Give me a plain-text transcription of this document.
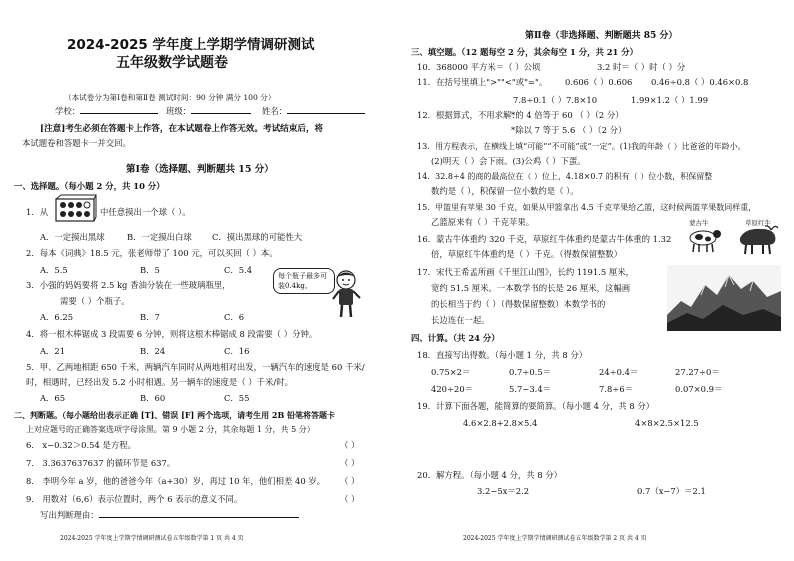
2024-2025 学年度上学期学情调研测试
五年级数学试题卷
（本试卷分为第Ⅰ卷和第Ⅱ卷 测试时间：90 分钟 满分 100 分）
学校：	班级：	姓名：
[注意]考生必须在答题卡上作答，在本试题卷上作答无效。考试结束后，将
本试题卷和答题卡一并交回。
第Ⅰ卷（选择题、判断题共 15 分）
一、选择题。（每小题 2 分，共 10 分）
1．从	中任意摸出一个球（ ）。
A．一定摸出黑球	B．一定摸出白球 C．摸出黑球的可能性大
2．每本《词典》18.5 元，张老师带了 100 元，可以买回（ ）本。
A．5.5	B．5	C．5.4
3．小强的妈妈要将 2.5 kg 香油分装在一些玻璃瓶里，
需要（ ）个瓶子。
每个瓶子最多可
装0.4kg。
A．6.25	B．7	C．6
4．将一根木棒锯成 3 段需要 6 分钟，则将这根木棒锯成 8 段需要（ ）分钟。
A．21	B．24	C．16
5．甲、乙两地相距 650 千米，两辆汽车同时从两地相对出发，一辆汽车的速度是 60 千米/
时，相遇时，已经出发 5.2 小时相遇。另一辆车的速度是（ ）千米/时。
A．65	B．60	C．55
二、判断题。（每小题给出表示正确 [T]、错误 [F] 两个选项，请考生用 2B 铅笔将答题卡
上对应题号的正确答案选项字母涂黑。第 9 小题 2 分，其余每题 1 分，共 5 分）
6． x−0.32＞0.54 是方程。	（ ）
7． 3.3637637637 的循环节是 637。	（ ）
8． 李明今年 a 岁，他的爸爸今年（a+30）岁，再过 10 年，他们相差 40 岁。 （ ）
9． 用数对（6,6）表示位置时，两个 6 表示的意义不同。	（ ）
写出判断理由：
2024-2025 学年度上学期学情调研测试卷五年级数学第 1 页 共 4 页
第Ⅱ卷（非选择题、判断题共 85 分）
三、填空题。（12 题每空 2 分，其余每空 1 分，共 21 分）
10．368000 平方米＝（ ）公顷	3.2 时＝（ ）时（ ）分
11．在括号里填上">""<"或"="。 0.606（ ）0.606 0.46÷0.8（ ）0.46×0.8
7.8÷0.1（ ）7.8×10	1.99×1.2（ ）1.99
12．根据算式，不用求解：
*的 4 倍等于 60 （ ）（2 分）
*除以 7 等于 5.6 （ ）（2 分）
13．用方程表示，在横线上填“可能”“不可能”或“一定”。(1)我的年龄（ ）比爸爸的年龄小。
(2)明天（ ）会下雨。(3)公鸡（ ）下蛋。
14．32.8÷4 的商的最高位在（ ）位上，4.18×0.7 的积有（ ）位小数，积保留整
数约是（ ），积保留一位小数约是（ ）。
15．甲篮里有苹果 30 千克，如果从甲篮拿出 4.5 千克苹果给乙篮，这时候两篮苹果数同样重，
乙篮原来有（ ）千克苹果。
16．蒙古牛体重约 320 千克，草原红牛体重约是蒙古牛体重的 1.32
倍，草原红牛体重约是（ ）千克。（得数保留整数）
蒙古牛	草原红牛
17．宋代王希孟所画《千里江山图》，长约 1191.5 厘米，
宽约 51.5 厘米。一本数学书的长是 26 厘米，这幅画
的长相当于约（ ）（得数保留整数）本数学书的
长边连在一起。
四、计算。（共 24 分）
18．直接写出得数。（每小题 1 分，共 8 分）
0.75×2＝	0.7÷0.5＝	24÷0.4＝	27.27÷0＝
420÷20＝	5.7−3.4＝	7.8÷6＝	0.07×0.9＝
19．计算下面各题，能简算的要简算。（每小题 4 分，共 8 分）
4.6×2.8+2.8×5.4	4×8×2.5×12.5
20．解方程。（每小题 4 分，共 8 分）
3.2−5x＝2.2	0.7（x−7）＝2.1
2024-2025 学年度上学期学情调研测试卷五年级数学第 2 页 共 4 页
